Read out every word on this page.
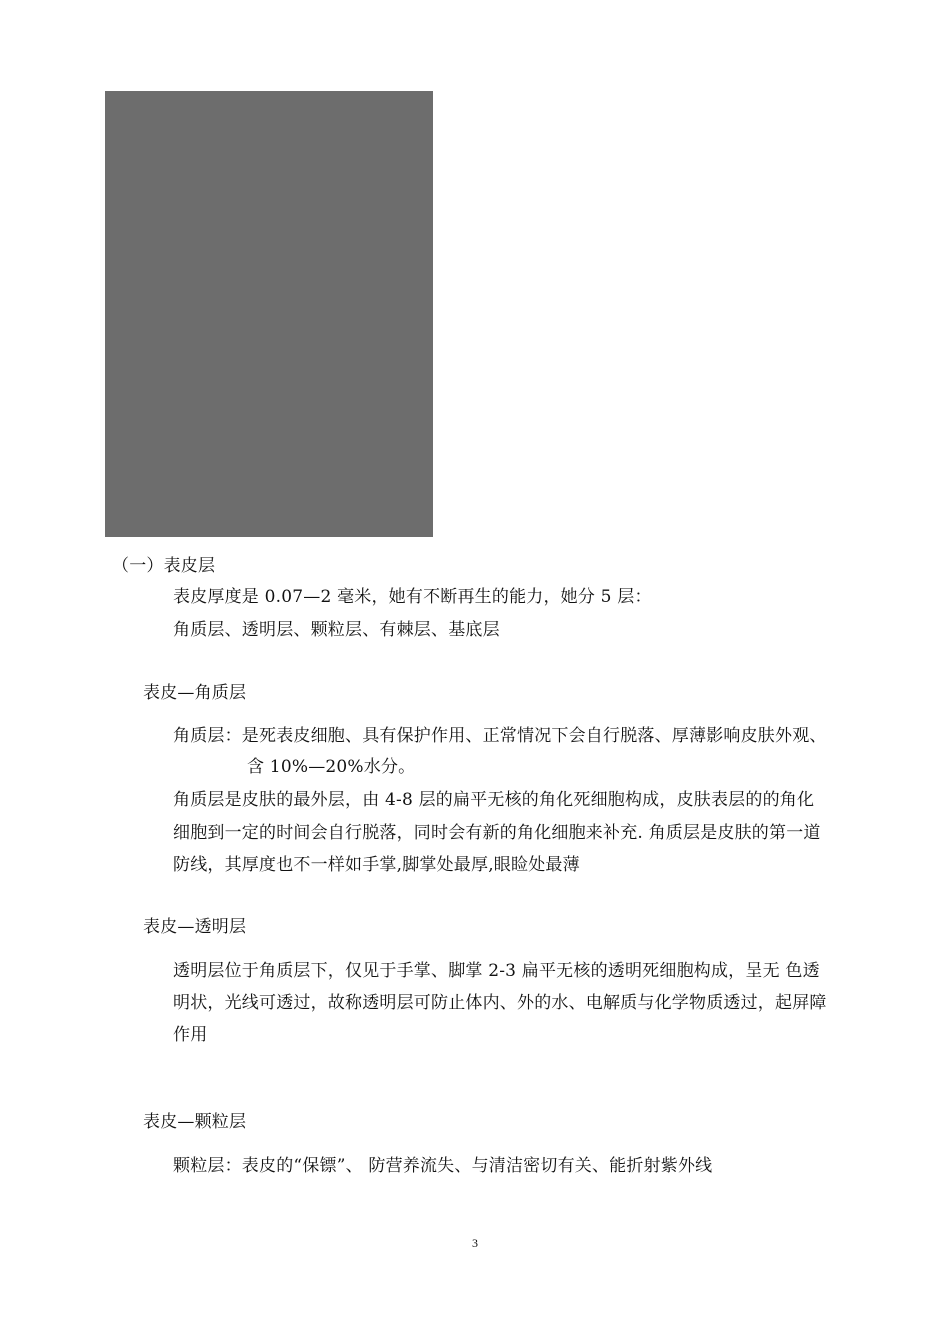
（一）表皮层
表皮厚度是 0.07—2 毫米，她有不断再生的能力，她分 5 层：
角质层、透明层、颗粒层、有棘层、基底层
表皮—角质层
角质层：是死表皮细胞、具有保护作用、正常情况下会自行脱落、厚薄影响皮肤外观、
含 10%—20%水分。
角质层是皮肤的最外层，由 4-8 层的扁平无核的角化死细胞构成，皮肤表层的的角化
细胞到一定的时间会自行脱落，同时会有新的角化细胞来补充. 角质层是皮肤的第一道
防线，其厚度也不一样如手掌,脚掌处最厚,眼睑处最薄
表皮—透明层
透明层位于角质层下，仅见于手掌、脚掌 2-3 扁平无核的透明死细胞构成，呈无 色透
明状，光线可透过，故称透明层可防止体内、外的水、电解质与化学物质透过，起屏障
作用
表皮—颗粒层
颗粒层：表皮的“保镖”、 防营养流失、与清洁密切有关、能折射紫外线
3
